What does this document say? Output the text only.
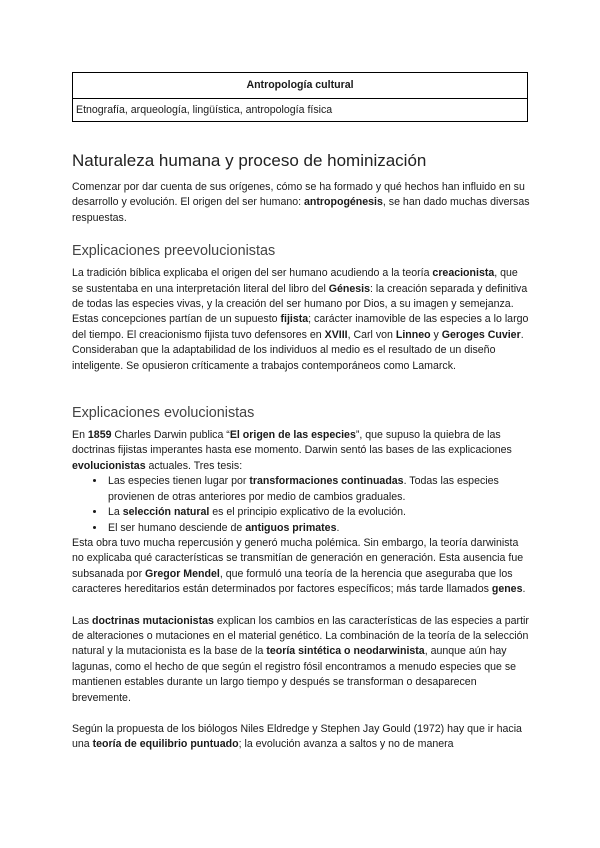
Antropología cultural
Etnografía, arqueología, lingüística, antropología física
Naturaleza humana y proceso de hominización

Comenzar por dar cuenta de sus orígenes, cómo se ha formado y qué hechos han influido en su desarrollo y evolución. El origen del ser humano: antropogénesis, se han dado muchas diversas respuestas.

Explicaciones preevolucionistas

La tradición bíblica explicaba el origen del ser humano acudiendo a la teoría creacionista, que se sustentaba en una interpretación literal del libro del Génesis: la creación separada y definitiva de todas las especies vivas, y la creación del ser humano por Dios, a su imagen y semejanza.

Estas concepciones partían de un supuesto fijista; carácter inamovible de las especies a lo largo del tiempo. El creacionismo fijista tuvo defensores en XVIII, Carl von Linneo y Geroges Cuvier. Consideraban que la adaptabilidad de los individuos al medio es el resultado de un diseño inteligente. Se opusieron críticamente a trabajos contemporáneos como Lamarck.

Explicaciones evolucionistas

En 1859 Charles Darwin publica “El origen de las especies”, que supuso la quiebra de las doctrinas fijistas imperantes hasta ese momento. Darwin sentó las bases de las explicaciones evolucionistas actuales. Tres tesis:

• Las especies tienen lugar por transformaciones continuadas. Todas las especies provienen de otras anteriores por medio de cambios graduales.
• La selección natural es el principio explicativo de la evolución.
• El ser humano desciende de antiguos primates.

Esta obra tuvo mucha repercusión y generó mucha polémica. Sin embargo, la teoría darwinista no explicaba qué características se transmitían de generación en generación. Esta ausencia fue subsanada por Gregor Mendel, que formuló una teoría de la herencia que aseguraba que los caracteres hereditarios están determinados por factores específicos; más tarde llamados genes.

Las doctrinas mutacionistas explican los cambios en las características de las especies a partir de alteraciones o mutaciones en el material genético. La combinación de la teoría de la selección natural y la mutacionista es la base de la teoría sintética o neodarwinista, aunque aún hay lagunas, como el hecho de que según el registro fósil encontramos a menudo especies que se mantienen estables durante un largo tiempo y después se transforman o desaparecen brevemente.

Según la propuesta de los biólogos Niles Eldredge y Stephen Jay Gould (1972) hay que ir hacia una teoría de equilibrio puntuado; la evolución avanza a saltos y no de manera
